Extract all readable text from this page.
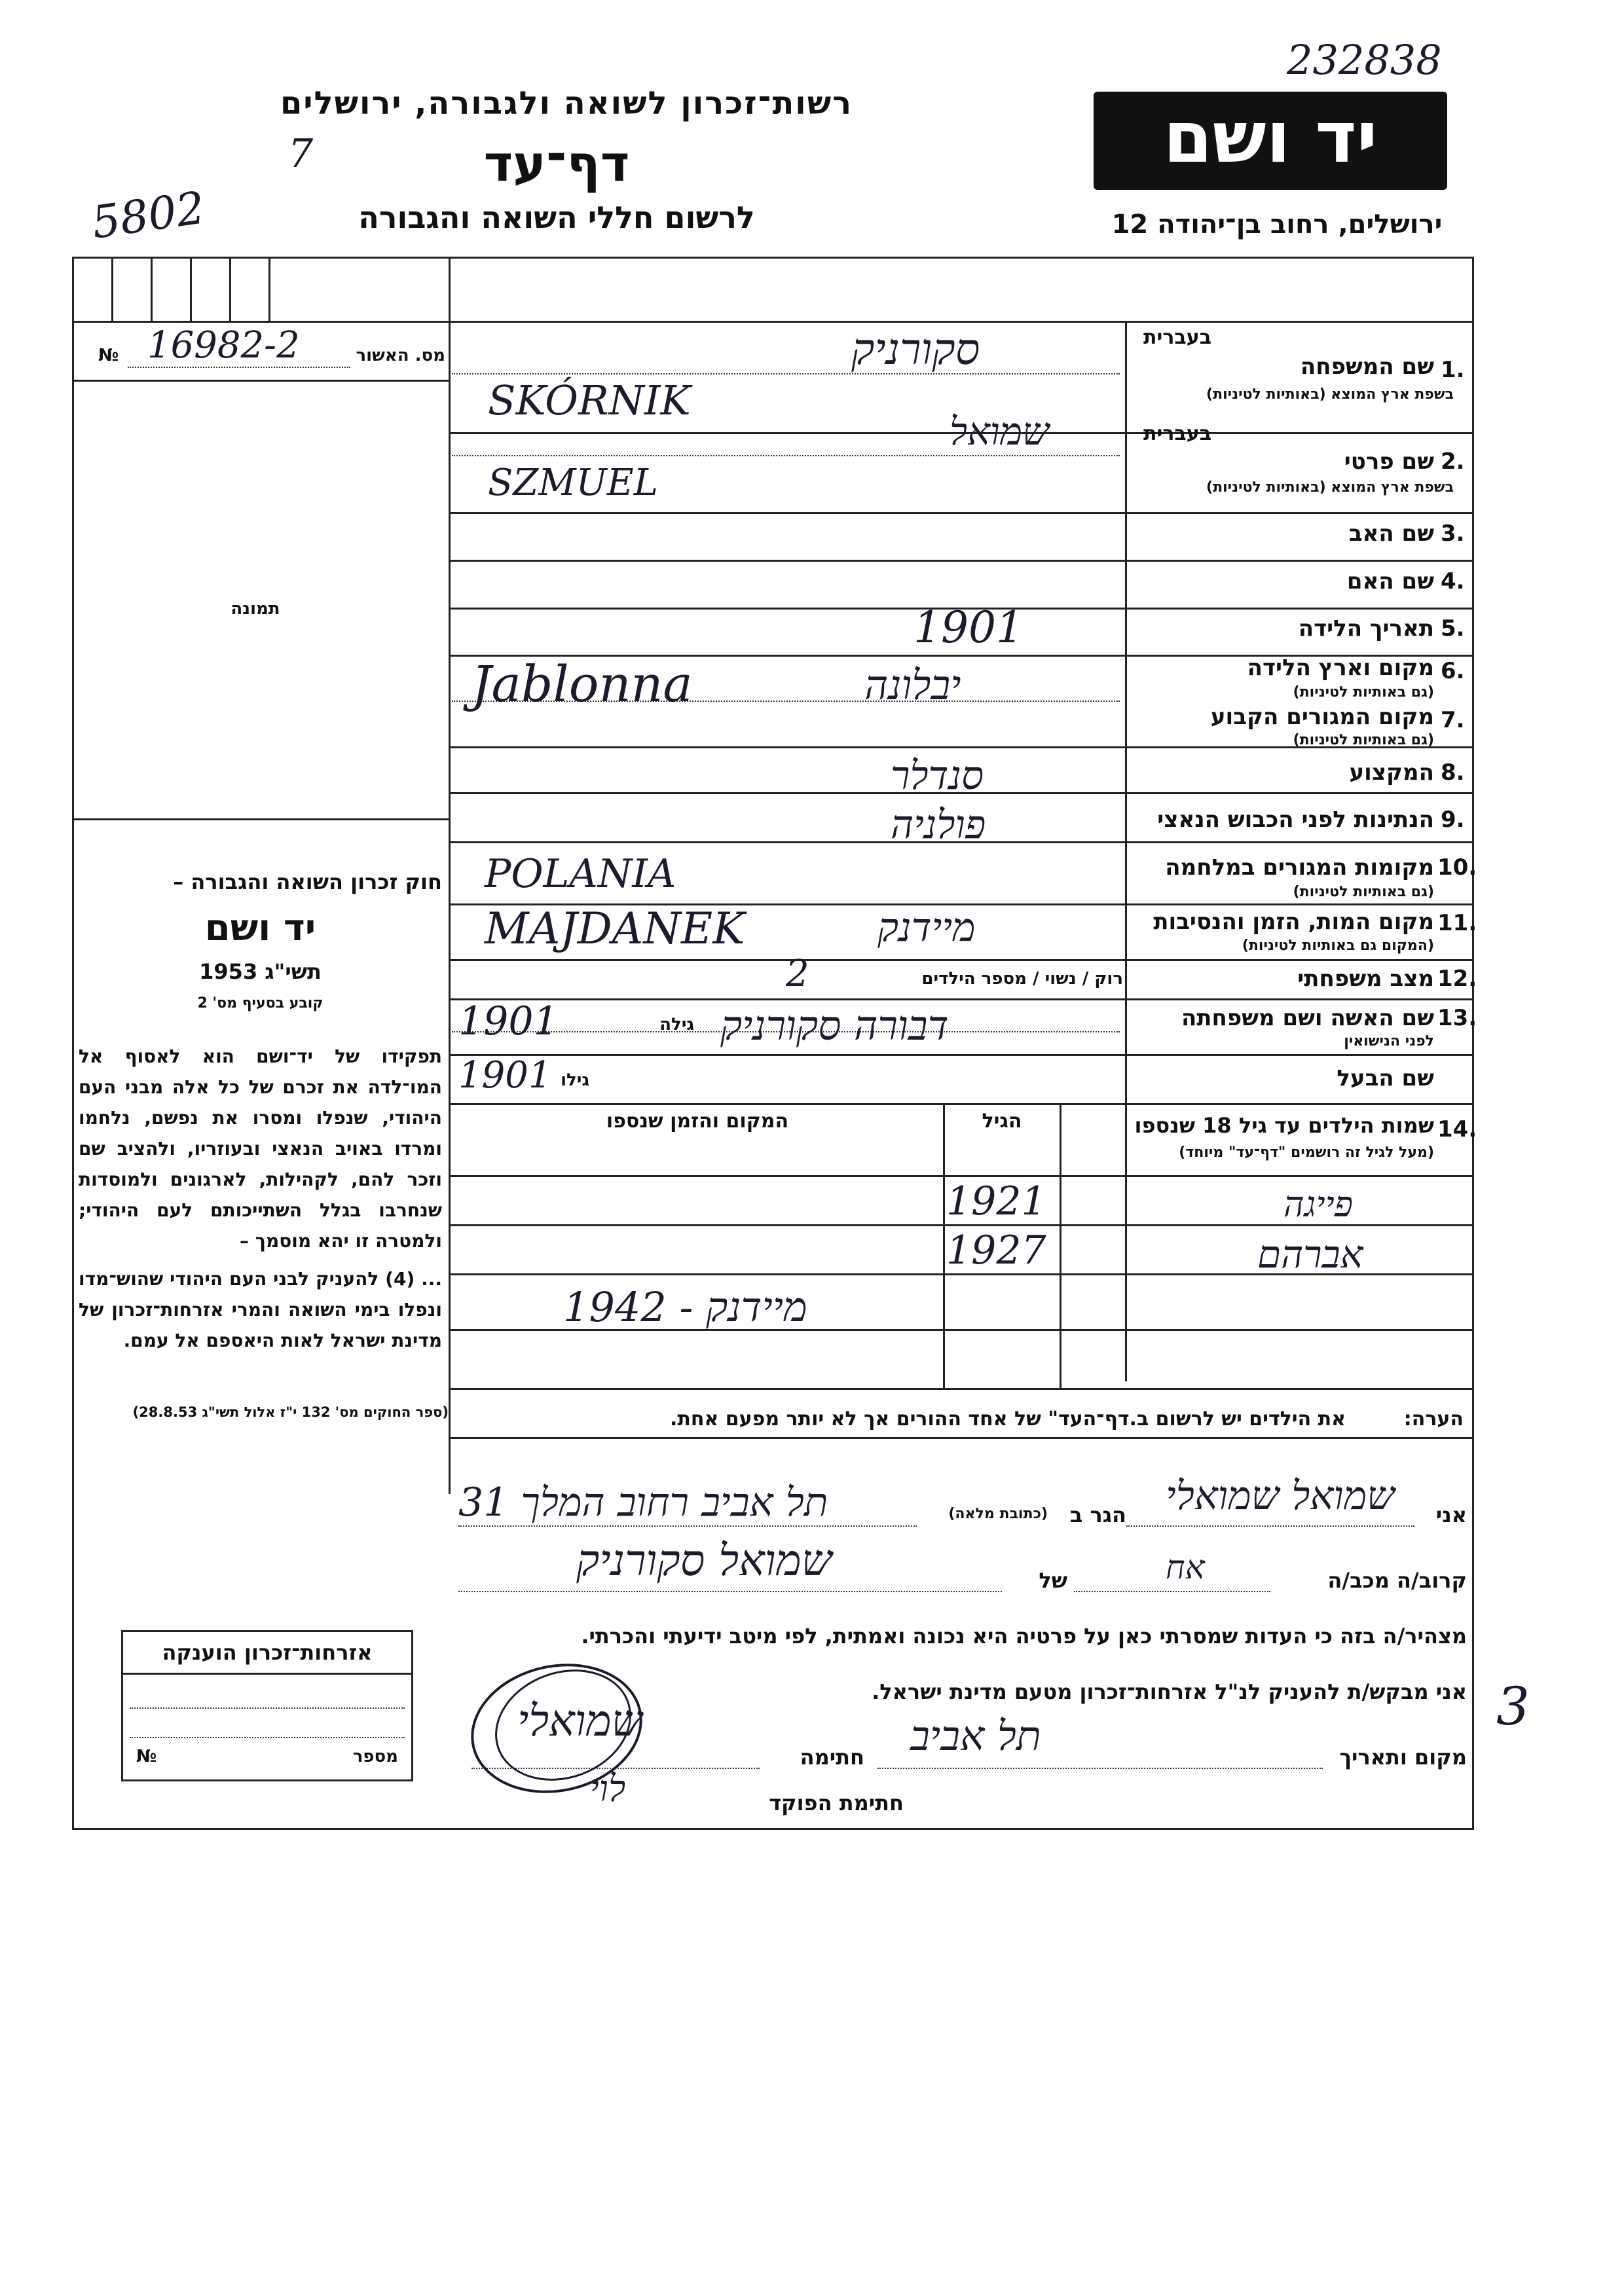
232838
5802
7
3
רשות־זכרון לשואה ולגבורה, ירושלים
דף־עד
לרשום חללי השואה והגבורה
יד ושם
ירושלים, רחוב בן־יהודה 12
מס. האשור
№ 16982-2
תמונה
חוק זכרון השואה והגבורה –
יד ושם
תשי"ג 1953
קובע בסעיף מס' 2
תפקידו של יד־ושם הוא לאסוף אל המו־לדה את זכרם של כל אלה מבני העם היהודי, שנפלו ומסרו את נפשם, נלחמו ומרדו באויב הנאצי ובעוזריו, ולהציב שם וזכר להם, לקהילות, לארגונים ולמוסדות שנחרבו בגלל השתייכותם לעם היהודי; ולמטרה זו יהא מוסמך –
... (4) להעניק לבני העם היהודי שהוש־מדו ונפלו בימי השואה והמרי אזרחות־זכרון של מדינת ישראל לאות היאספם אל עמם.
(ספר החוקים מס' 132 י"ז אלול תשי"ג 28.8.53)
בעברית
בעברית
1.
שם המשפחה
בשפת ארץ המוצא (באותיות לטיניות)
סקורניק
SKÓRNIK
2.
שם פרטי
בשפת ארץ המוצא (באותיות לטיניות)
שמואל
SZMUEL
3.
שם האב
4.
שם האם
5.
תאריך הלידה
1901
6.
מקום וארץ הלידה
(גם באותיות לטיניות)
יבלונה
Jablonna
7.
מקום המגורים הקבוע
(גם באותיות לטיניות)
8.
המקצוע
סנדלר
9.
הנתינות לפני הכבוש הנאצי
פולניה
10.
מקומות המגורים במלחמה
(גם באותיות לטיניות)
POLANIA
11.
מקום המות, הזמן והנסיבות
(המקום גם באותיות לטיניות)
מיידנק
MAJDANEK
12.
מצב משפחתי
רוק / נשוי / מספר הילדים
2
13.
שם האשה ושם משפחתה
לפני הנישואין
גילה
1901	דבורה סקורניק
שם הבעל
גילו
1901
14.
שמות הילדים עד גיל 18 שנספו
(מעל לגיל זה רושמים "דף־עד" מיוחד)
הגיל
המקום והזמן שנספו
פייגה
1921
אברהם
1927
מיידנק - 1942
הערה:
את הילדים יש לרשום ב.דף־העד" של אחד ההורים אך לא יותר מפעם אחת.
אני
שמואל שמואלי
הגר ב
(כתובת מלאה)
תל אביב רחוב המלך 31
קרוב/ה מכב/ה
אח
של
שמואל סקורניק
מצהיר/ה בזה כי העדות שמסרתי כאן על פרטיה היא נכונה ואמתית, לפי מיטב ידיעתי והכרתי.
אני מבקש/ת להעניק לנ"ל אזרחות־זכרון מטעם מדינת ישראל.
מקום ותאריך
תל אביב
חתימה
שמואלי
חתימת הפוקד
לוי
אזרחות־זכרון הוענקה
№	מספר
